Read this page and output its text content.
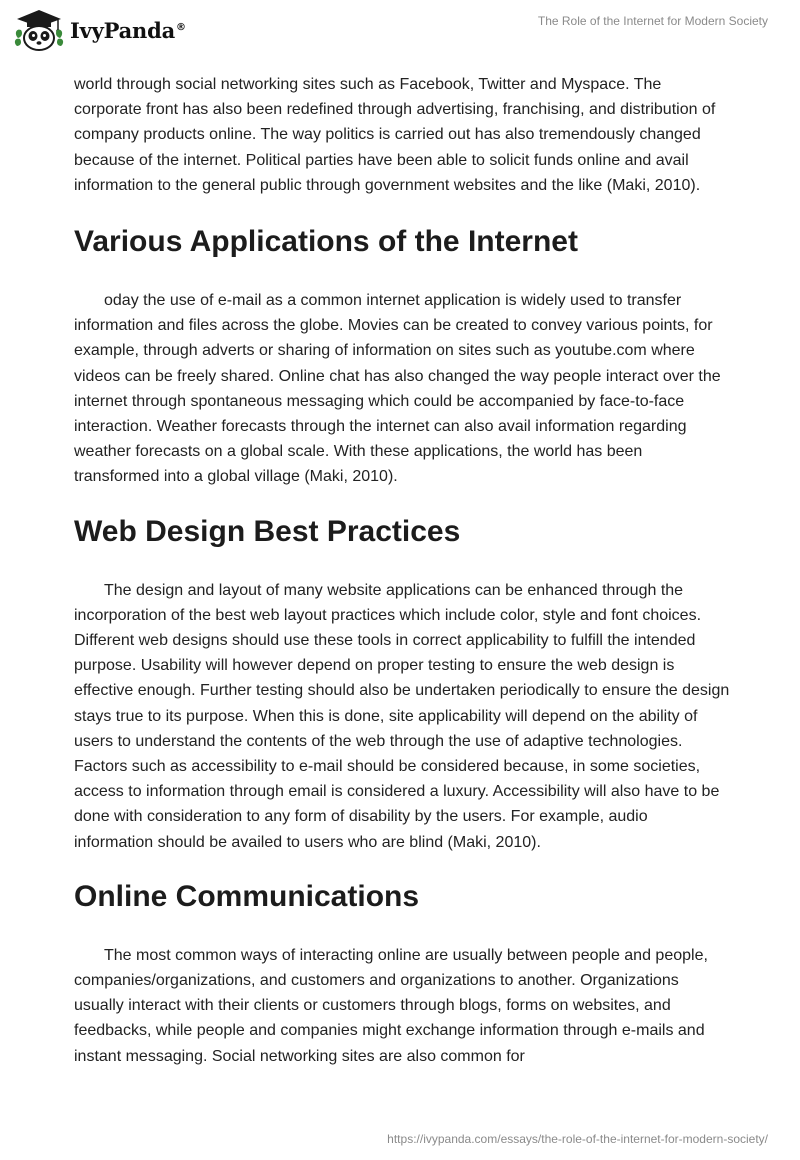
IvyPanda®	The Role of the Internet for Modern Society

world through social networking sites such as Facebook, Twitter and Myspace. The corporate front has also been redefined through advertising, franchising, and distribution of company products online. The way politics is carried out has also tremendously changed because of the internet. Political parties have been able to solicit funds online and avail information to the general public through government websites and the like (Maki, 2010).

Various Applications of the Internet

oday the use of e-mail as a common internet application is widely used to transfer information and files across the globe. Movies can be created to convey various points, for example, through adverts or sharing of information on sites such as youtube.com where videos can be freely shared. Online chat has also changed the way people interact over the internet through spontaneous messaging which could be accompanied by face-to-face interaction. Weather forecasts through the internet can also avail information regarding weather forecasts on a global scale. With these applications, the world has been transformed into a global village (Maki, 2010).

Web Design Best Practices

The design and layout of many website applications can be enhanced through the incorporation of the best web layout practices which include color, style and font choices. Different web designs should use these tools in correct applicability to fulfill the intended purpose. Usability will however depend on proper testing to ensure the web design is effective enough. Further testing should also be undertaken periodically to ensure the design stays true to its purpose. When this is done, site applicability will depend on the ability of users to understand the contents of the web through the use of adaptive technologies. Factors such as accessibility to e-mail should be considered because, in some societies, access to information through email is considered a luxury. Accessibility will also have to be done with consideration to any form of disability by the users. For example, audio information should be availed to users who are blind (Maki, 2010).

Online Communications

The most common ways of interacting online are usually between people and people, companies/organizations, and customers and organizations to another. Organizations usually interact with their clients or customers through blogs, forms on websites, and feedbacks, while people and companies might exchange information through e-mails and instant messaging. Social networking sites are also common for

https://ivypanda.com/essays/the-role-of-the-internet-for-modern-society/
